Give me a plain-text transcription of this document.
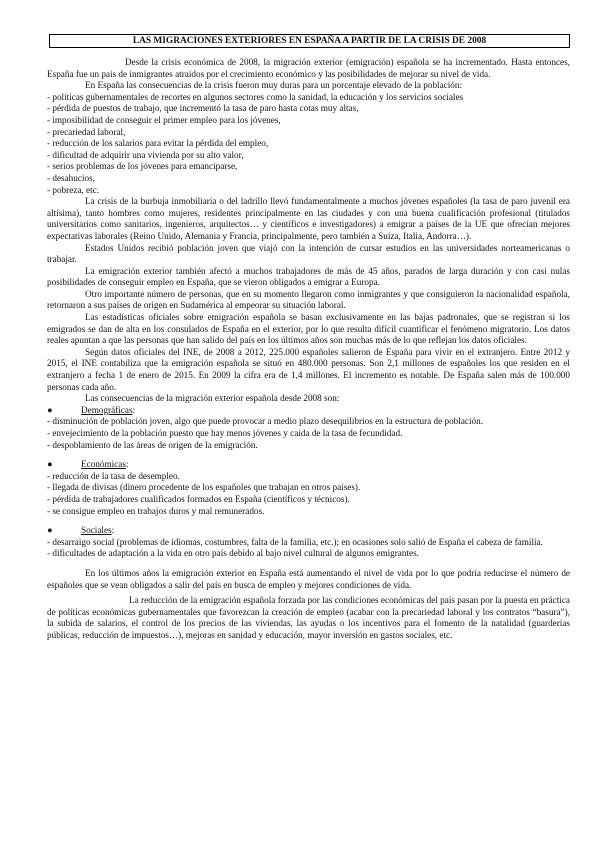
LAS MIGRACIONES EXTERIORES EN ESPAÑA A PARTIR DE LA CRISIS DE 2008

Desde la crisis económica de 2008, la migración exterior (emigración) española se ha incrementado. Hasta entonces, España fue un país de inmigrantes atraídos por el crecimiento económico y las posibilidades de mejorar su nivel de vida.

En España las consecuencias de la crisis fueron muy duras para un porcentaje elevado de la población:

- políticas gubernamentales de recortes en algunos sectores como la sanidad, la educación y los servicios sociales
- pérdida de puestos de trabajo, que incrementó la tasa de paro hasta cotas muy altas,
- imposibilidad de conseguir el primer empleo para los jóvenes,
- precariedad laboral,
- reducción de los salarios para evitar la pérdida del empleo,
- dificultad de adquirir una vivienda por su alto valor,
- serios problemas de los jóvenes para emanciparse,
- desahucios,
- pobreza, etc.

La crisis de la burbuja inmobiliaria o del ladrillo llevó fundamentalmente a muchos jóvenes españoles (la tasa de paro juvenil era altísima), tanto hombres como mujeres, residentes principalmente en las ciudades y con una buena cualificación profesional (titulados universitarios como sanitarios, ingenieros, arquitectos… y científicos e investigadores) a emigrar a países de la UE que ofrecían mejores expectativas laborales (Reino Unido, Alemania y Francia, principalmente, pero también a Suiza, Italia, Andorra…).

Estados Unidos recibió población joven que viajó con la intención de cursar estudios en las universidades norteamericanas o trabajar.

La emigración exterior también afectó a muchos trabajadores de más de 45 años, parados de larga duración y con casi nulas posibilidades de conseguir empleo en España, que se vieron obligados a emigrar a Europa.

Otro importante número de personas, que en su momento llegaron como inmigrantes y que consiguieron la nacionalidad española, retornaron a sus países de origen en Sudamérica al empeorar su situación laboral.

Las estadísticas oficiales sobre emigración española se basan exclusivamente en las bajas padronales, que se registran si los emigrados se dan de alta en los consulados de España en el exterior, por lo que resulta difícil cuantificar el fenómeno migratorio. Los datos reales apuntan a que las personas que han salido del país en los últimos años son muchas más de lo que reflejan los datos oficiales.

Según datos oficiales del INE, de 2008 a 2012, 225.000 españoles salieron de España para vivir en el extranjero. Entre 2012 y 2015, el INE contabiliza que la emigración española se situó en 480.000 personas. Son 2,1 millones de españoles los que residen en el extranjero a fecha 1 de enero de 2015. En 2009 la cifra era de 1,4 millones. El incremento es notable. De España salen más de 100.000 personas cada año.

Las consecuencias de la migración exterior española desde 2008 son:

●	Demográficas:

- disminución de población joven, algo que puede provocar a medio plazo desequilibrios en la estructura de población.

- envejecimiento de la población puesto que hay menos jóvenes y caída de la tasa de fecundidad.

- despoblamiento de las áreas de origen de la emigración.

●	Económicas:

- reducción de la tasa de desempleo.

- llegada de divisas (dinero procedente de los españoles que trabajan en otros países).

- pérdida de trabajadores cualificados formados en España (científicos y técnicos).

- se consigue empleo en trabajos duros y mal remunerados.

●	Sociales:

- desarraigo social (problemas de idiomas, costumbres, falta de la familia, etc.); en ocasiones solo salió de España el cabeza de familia.

- dificultades de adaptación a la vida en otro país debido al bajo nivel cultural de algunos emigrantes.

En los últimos años la emigración exterior en España está aumentando el nivel de vida por lo que podría reducirse el número de españoles que se vean obligados a salir del país en busca de empleo y mejores condiciones de vida.

La reducción de la emigración española forzada por las condiciones económicas del país pasan por la puesta en práctica de políticas económicas gubernamentales que favorezcan la creación de empleo (acabar con la precariedad laboral y los contratos “basura”), la subida de salarios, el control de los precios de las viviendas, las ayudas o los incentivos para el fomento de la natalidad (guarderías públicas, reducción de impuestos…), mejoras en sanidad y educación, mayor inversión en gastos sociales, etc.
